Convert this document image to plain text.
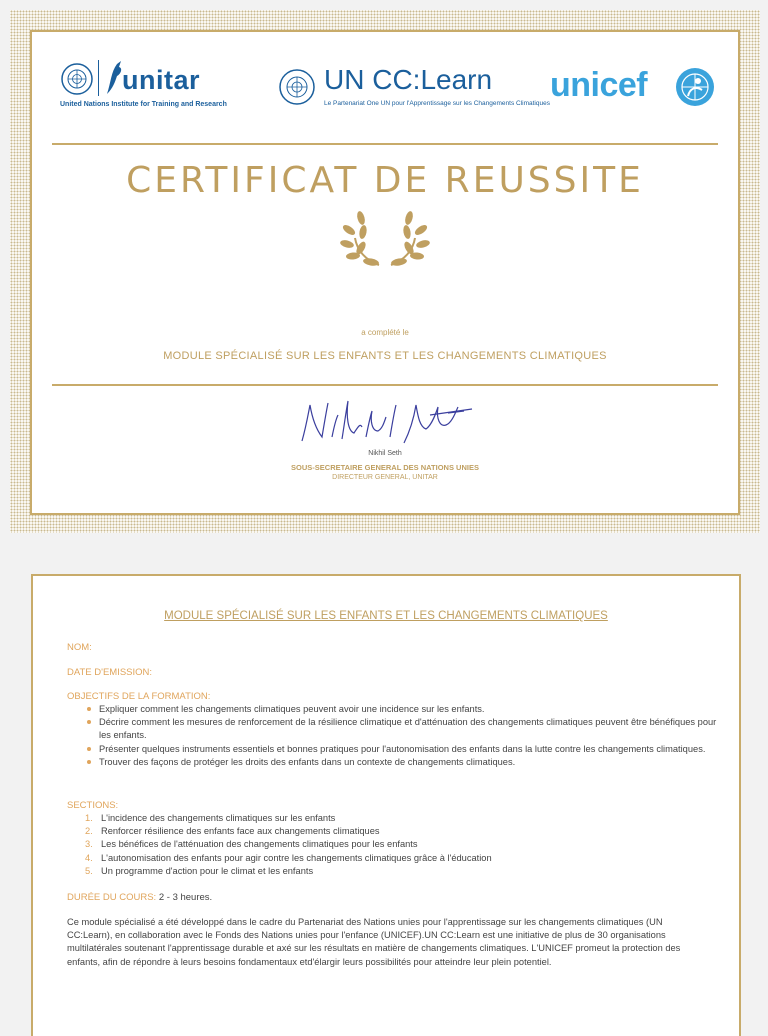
unitar
United Nations Institute for Training and Research
UN CC:Learn
Le Partenariat One UN pour l'Apprentissage sur les Changements Climatiques unicef
CERTIFICAT DE REUSSITE
a complété le
MODULE SPÉCIALISÉ SUR LES ENFANTS ET LES CHANGEMENTS CLIMATIQUES
Nikhil Seth
SOUS-SECRETAIRE GENERAL DES NATIONS UNIES
DIRECTEUR GENERAL, UNITAR
MODULE SPÉCIALISÉ SUR LES ENFANTS ET LES CHANGEMENTS CLIMATIQUES
NOM:
DATE D'EMISSION:
OBJECTIFS DE LA FORMATION:
Expliquer comment les changements climatiques peuvent avoir une incidence sur les enfants.
Décrire comment les mesures de renforcement de la résilience climatique et d'atténuation des changements climatiques peuvent être bénéfiques pour les enfants.
Présenter quelques instruments essentiels et bonnes pratiques pour l'autonomisation des enfants dans la lutte contre les changements climatiques.
Trouver des façons de protéger les droits des enfants dans un contexte de changements climatiques.
SECTIONS:
1. L'incidence des changements climatiques sur les enfants
2. Renforcer résilience des enfants face aux changements climatiques
3. Les bénéfices de l'atténuation des changements climatiques pour les enfants
4. L'autonomisation des enfants pour agir contre les changements climatiques grâce à l'éducation
5. Un programme d'action pour le climat et les enfants
DURÉE DU COURS: 2 - 3 heures.
Ce module spécialisé a été développé dans le cadre du Partenariat des Nations unies pour l'apprentissage sur les changements climatiques (UN CC:Learn), en collaboration avec le Fonds des Nations unies pour l'enfance (UNICEF).UN CC:Learn est une initiative de plus de 30 organisations multilatérales soutenant l'apprentissage durable et axé sur les résultats en matière de changements climatiques. L'UNICEF promeut la protection des enfants, afin de répondre à leurs besoins fondamentaux etd'élargir leurs possibilités pour atteindre leur plein potentiel.
